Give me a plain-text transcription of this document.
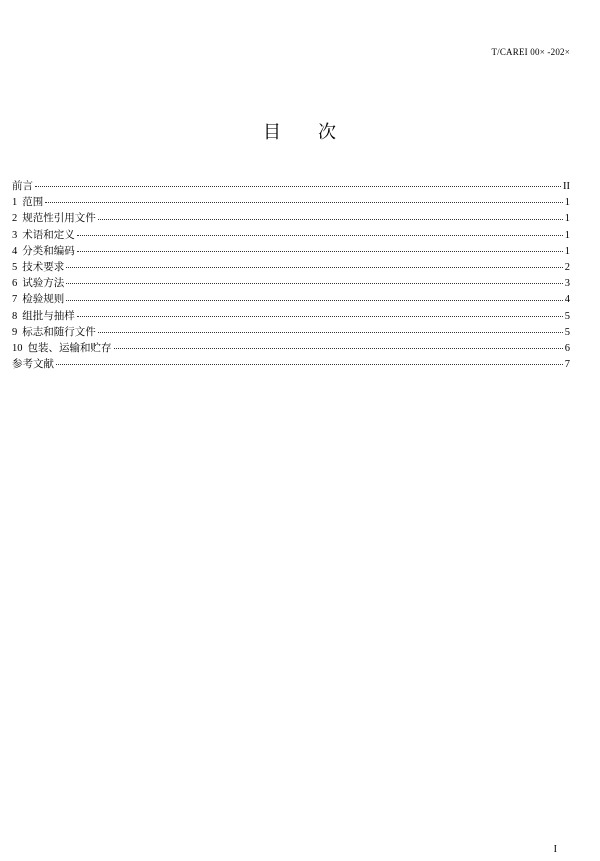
T/CAREI 00× -202×
目 次
前言	II
1 范围	1
2 规范性引用文件	1
3 术语和定义	1
4 分类和编码	1
5 技术要求	2
6 试验方法	3
7 检验规则	4
8 组批与抽样	5
9 标志和随行文件	5
10 包装、运输和贮存	6
参考文献	7
I
